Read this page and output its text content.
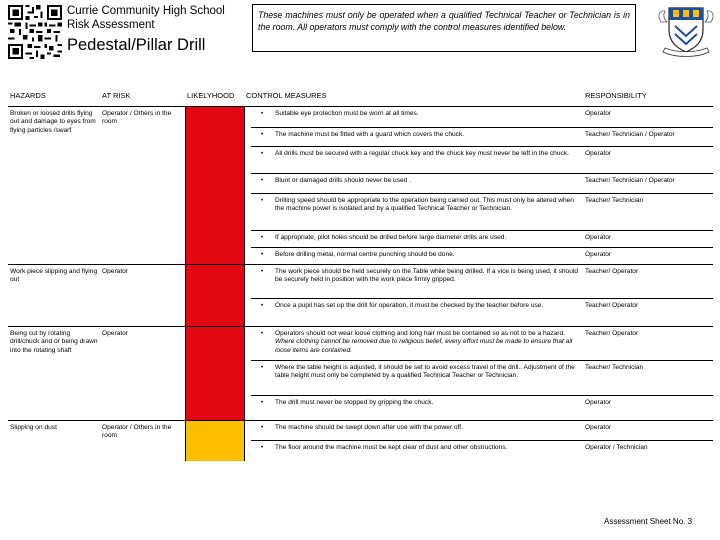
Currie Community High School
Risk Assessment
Pedestal/Pillar Drill
These machines must only be operated when a qualified Technical Teacher or Technician is in the room. All operators must comply with the control measures identified below.
HAZARDS	AT RISK	LIKELYHOOD	CONTROL MEASURES			RESPONSIBILITY
Broken or loosed drills flying out and damage to eyes from flying particles /swarf	Operator / Others in the room			•	Suitable eye protection must be worn at all times.	Operator
				•	The machine must be fitted with a guard which covers the chuck.	Teacher/ Technician / Operator
				•	All drills must be secured with a regular chuck key and the chuck key must never be left in the chuck.	Operator
				•	Blunt or damaged drills should never be used .	Teacher/ Technician / Operator
				•	Drilling speed should be appropriate to the operation being carried out. This must only be altered when the machine power is isolated and by a qualified Technical Teacher or Technician.	Teacher/ Technician
				•	If appropriate, pilot holes should be drilled before large diameter drills are used.	Operator
				•	Before drilling metal, normal centre punching should be done.	Operator
Work piece slipping and flying out	Operator			•	The work piece should be held securely on the Table while being drilled. If a vice is being used, it should be securely held in position with the work piece firmly gripped.	Teacher/ Operator
				•	Once a pupil has set up the drill for operation, it must be checked by the teacher before use.	Teacher/ Operator
Being cut by rotating drill/chuck and or being drawn into the rotating shaft	Operator			•	Operators should not wear loose clothing and long hair must be contained so as not to be a hazard. Where clothing cannot be removed due to religious belief, every effort must be made to ensure that all loose items are contained.	Teacher/ Operator
				•	Where the table height is adjusted, it should be set to avoid excess travel of the drill.. Adjustment of the table height must only be completed by a qualified Technical Teacher or Technician.	Teacher/ Technician
				•	The drill must never be stopped by gripping the chuck.	Operator
Slipping on dust	Operator / Others in the room			•	The machine should be swept down after use with the power off.	Operator
				•	The floor around the machine must be kept clear of dust and other obstructions.	Operator / Technician
Assessment Sheet No. 3
